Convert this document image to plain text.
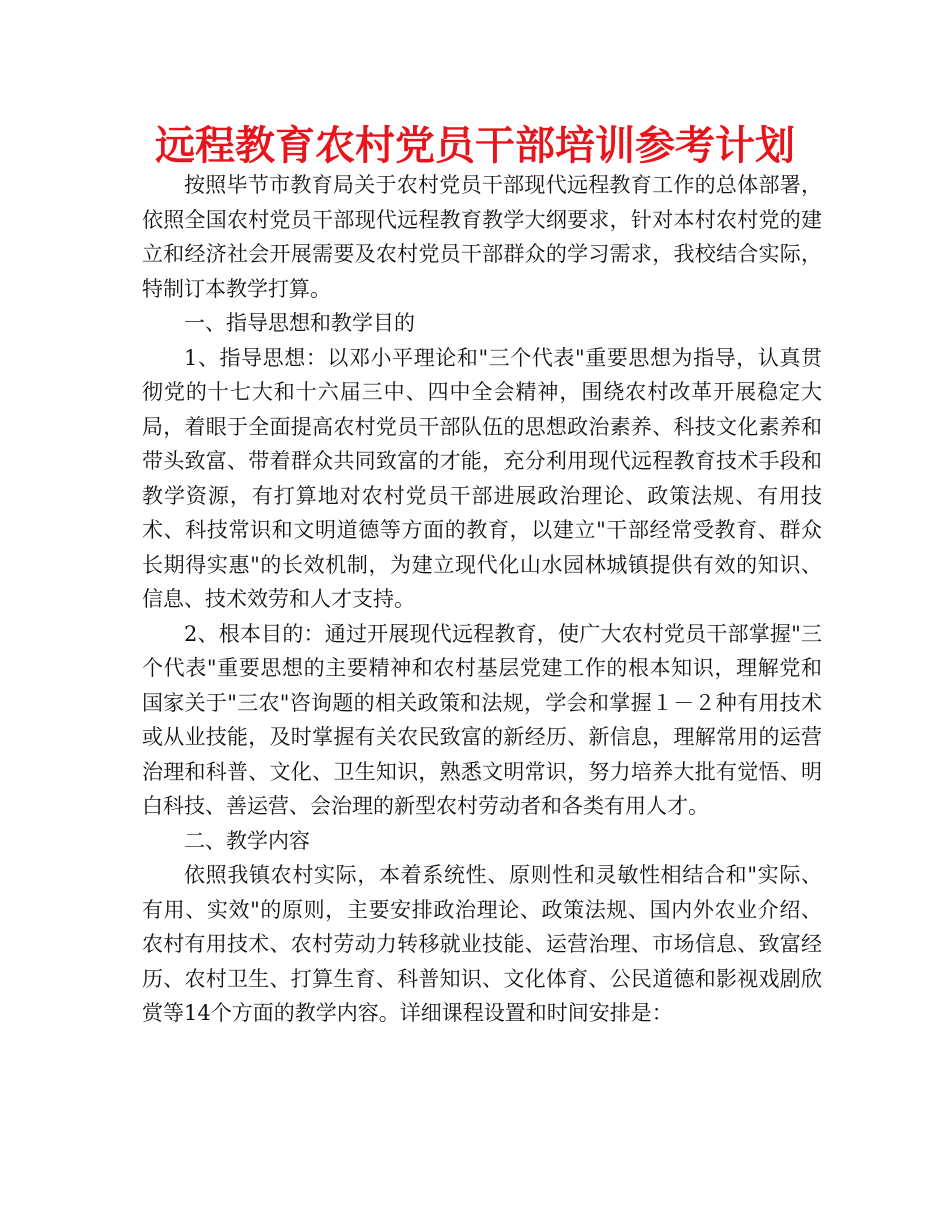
远程教育农村党员干部培训参考计划

按照毕节市教育局关于农村党员干部现代远程教育工作的总体部署，依照全国农村党员干部现代远程教育教学大纲要求，针对本村农村党的建立和经济社会开展需要及农村党员干部群众的学习需求，我校结合实际，特制订本教学打算。

一、指导思想和教学目的

1、指导思想：以邓小平理论和"三个代表"重要思想为指导，认真贯彻党的十七大和十六届三中、四中全会精神，围绕农村改革开展稳定大局，着眼于全面提高农村党员干部队伍的思想政治素养、科技文化素养和带头致富、带着群众共同致富的才能，充分利用现代远程教育技术手段和教学资源，有打算地对农村党员干部进展政治理论、政策法规、有用技术、科技常识和文明道德等方面的教育，以建立"干部经常受教育、群众长期得实惠"的长效机制，为建立现代化山水园林城镇提供有效的知识、信息、技术效劳和人才支持。

2、根本目的：通过开展现代远程教育，使广大农村党员干部掌握"三个代表"重要思想的主要精神和农村基层党建工作的根本知识，理解党和国家关于"三农"咨询题的相关政策和法规，学会和掌握１－２种有用技术或从业技能，及时掌握有关农民致富的新经历、新信息，理解常用的运营治理和科普、文化、卫生知识，熟悉文明常识，努力培养大批有觉悟、明白科技、善运营、会治理的新型农村劳动者和各类有用人才。

二、教学内容

依照我镇农村实际，本着系统性、原则性和灵敏性相结合和"实际、有用、实效"的原则，主要安排政治理论、政策法规、国内外农业介绍、农村有用技术、农村劳动力转移就业技能、运营治理、市场信息、致富经历、农村卫生、打算生育、科普知识、文化体育、公民道德和影视戏剧欣赏等14个方面的教学内容。详细课程设置和时间安排是：
